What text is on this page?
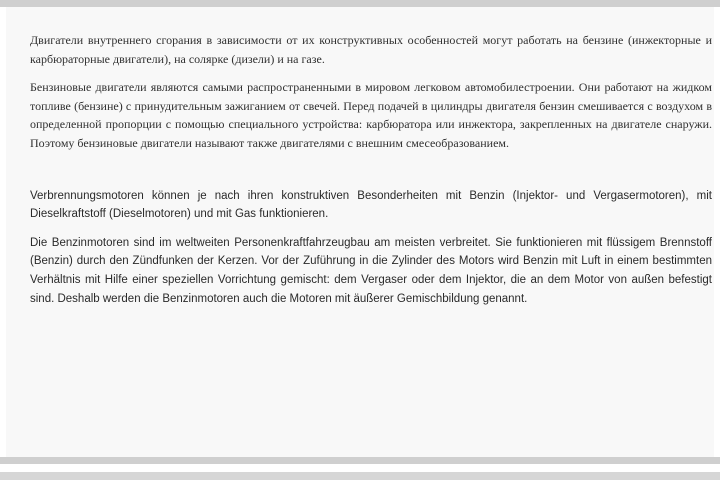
Двигатели внутреннего сгорания в зависимости от их конструктивных особенностей могут работать на бензине (инжекторные и карбюраторные двигатели), на солярке (дизели) и на газе.

Бензиновые двигатели являются самыми распространенными в мировом легковом автомобилестроении. Они работают на жидком топливе (бензине) с принудительным зажиганием от свечей. Перед подачей в цилиндры двигателя бензин смешивается с воздухом в определенной пропорции с помощью специального устройства: карбюратора или инжектора, закрепленных на двигателе снаружи. Поэтому бензиновые двигатели называют также двигателями с внешним смесеобразованием.

Verbrennungsmotoren können je nach ihren konstruktiven Besonderheiten mit Benzin (Injektor- und Vergasermotoren), mit Dieselkraftstoff (Dieselmotoren) und mit Gas funktionieren.

Die Benzinmotoren sind im weltweiten Personenkraftfahrzeugbau am meisten verbreitet. Sie funktionieren mit flüssigem Brennstoff (Benzin) durch den Zündfunken der Kerzen. Vor der Zuführung in die Zylinder des Motors wird Benzin mit Luft in einem bestimmten Verhältnis mit Hilfe einer speziellen Vorrichtung gemischt: dem Vergaser oder dem Injektor, die an dem Motor von außen befestigt sind. Deshalb werden die Benzinmotoren auch die Motoren mit äußerer Gemischbildung genannt.
